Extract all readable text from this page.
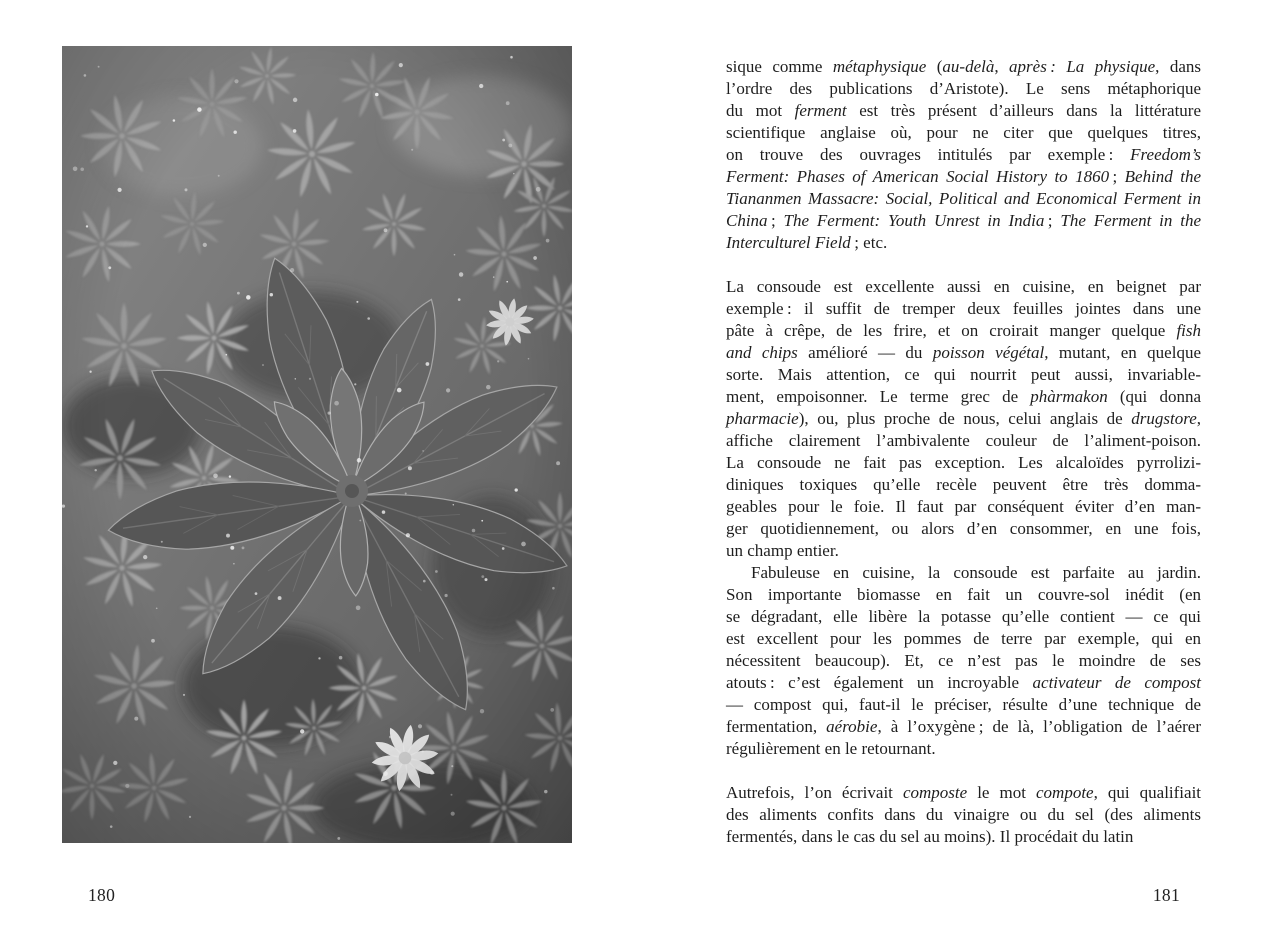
180
sique comme métaphysique (au-delà, après : La physique, dans
l’ordre des publications d’Aristote). Le sens métaphorique
du mot ferment est très présent d’ailleurs dans la littérature
scientifique anglaise où, pour ne citer que quelques titres,
on trouve des ouvrages intitulés par exemple : Freedom’s
Ferment: Phases of American Social History to 1860 ; Behind the
Tiananmen Massacre: Social, Political and Economical Ferment in
China ; The Ferment: Youth Unrest in India ; The Ferment in the
Interculturel Field ; etc.
La consoude est excellente aussi en cuisine, en beignet par
exemple : il suffit de tremper deux feuilles jointes dans une
pâte à crêpe, de les frire, et on croirait manger quelque fish
and chips amélioré — du poisson végétal, mutant, en quelque
sorte. Mais attention, ce qui nourrit peut aussi, invariable-
ment, empoisonner. Le terme grec de phàrmakon (qui donna
pharmacie), ou, plus proche de nous, celui anglais de drugstore,
affiche clairement l’ambivalente couleur de l’aliment-poison.
La consoude ne fait pas exception. Les alcaloïdes pyrrolizi-
diniques toxiques qu’elle recèle peuvent être très domma-
geables pour le foie. Il faut par conséquent éviter d’en man-
ger quotidiennement, ou alors d’en consommer, en une fois,
un champ entier.
Fabuleuse en cuisine, la consoude est parfaite au jardin.
Son importante biomasse en fait un couvre-sol inédit (en
se dégradant, elle libère la potasse qu’elle contient — ce qui
est excellent pour les pommes de terre par exemple, qui en
nécessitent beaucoup). Et, ce n’est pas le moindre de ses
atouts : c’est également un incroyable activateur de compost
— compost qui, faut-il le préciser, résulte d’une technique de
fermentation, aérobie, à l’oxygène ; de là, l’obligation de l’aérer
régulièrement en le retournant.
Autrefois, l’on écrivait composte le mot compote, qui qualifiait
des aliments confits dans du vinaigre ou du sel (des aliments
fermentés, dans le cas du sel au moins). Il procédait du latin
181
